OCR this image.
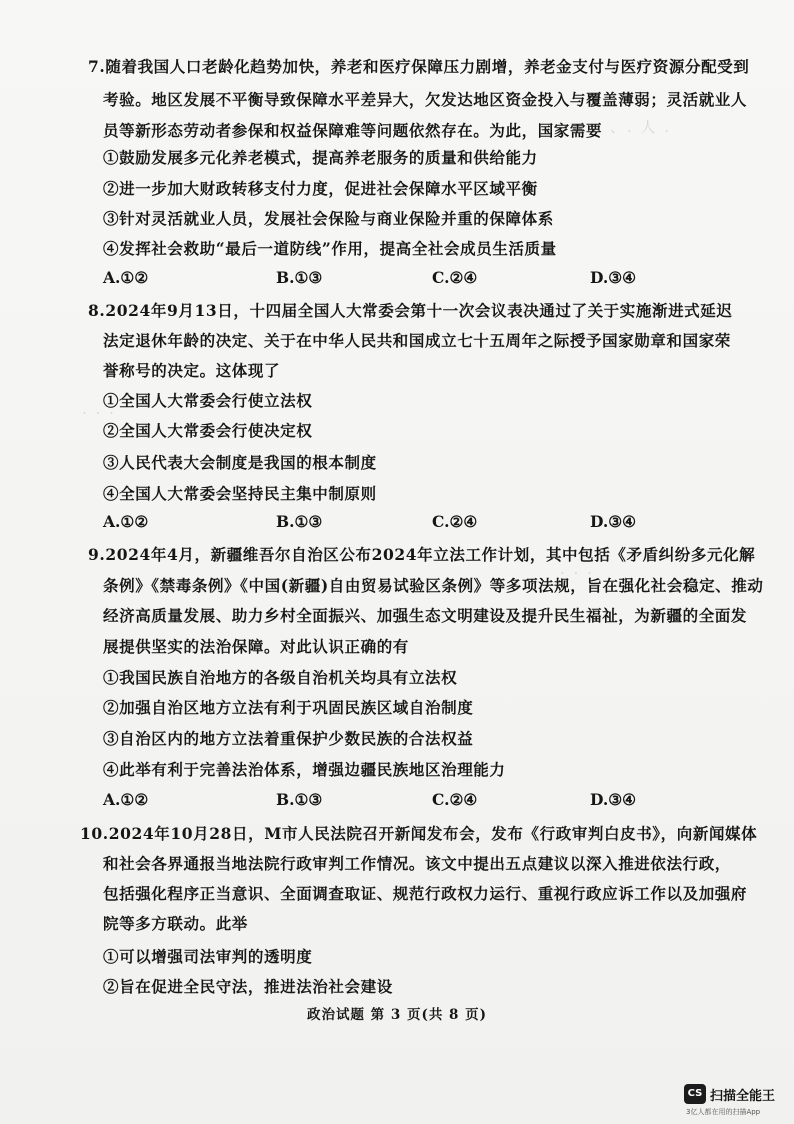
、. 人 .
. . .
. . .
7.随着我国人口老龄化趋势加快，养老和医疗保障压力剧增，养老金支付与医疗资源分配受到
考验。地区发展不平衡导致保障水平差异大，欠发达地区资金投入与覆盖薄弱；灵活就业人
员等新形态劳动者参保和权益保障难等问题依然存在。为此，国家需要
①鼓励发展多元化养老模式，提高养老服务的质量和供给能力
②进一步加大财政转移支付力度，促进社会保障水平区域平衡
③针对灵活就业人员，发展社会保险与商业保险并重的保障体系
④发挥社会救助“最后一道防线”作用，提高全社会成员生活质量
A.①②	B.①③	C.②④	D.③④
8.2024年9月13日，十四届全国人大常委会第十一次会议表决通过了关于实施渐进式延迟
法定退休年龄的决定、关于在中华人民共和国成立七十五周年之际授予国家勋章和国家荣
誉称号的决定。这体现了
①全国人大常委会行使立法权
②全国人大常委会行使决定权
③人民代表大会制度是我国的根本制度
④全国人大常委会坚持民主集中制原则
A.①②	B.①③	C.②④	D.③④
9.2024年4月，新疆维吾尔自治区公布2024年立法工作计划，其中包括《矛盾纠纷多元化解
条例》《禁毒条例》《中国(新疆)自由贸易试验区条例》等多项法规，旨在强化社会稳定、推动
经济高质量发展、助力乡村全面振兴、加强生态文明建设及提升民生福祉，为新疆的全面发
展提供坚实的法治保障。对此认识正确的有
①我国民族自治地方的各级自治机关均具有立法权
②加强自治区地方立法有利于巩固民族区域自治制度
③自治区内的地方立法着重保护少数民族的合法权益
④此举有利于完善法治体系，增强边疆民族地区治理能力
A.①②	B.①③	C.②④	D.③④
10.2024年10月28日，M市人民法院召开新闻发布会，发布《行政审判白皮书》，向新闻媒体
和社会各界通报当地法院行政审判工作情况。该文中提出五点建议以深入推进依法行政，
包括强化程序正当意识、全面调查取证、规范行政权力运行、重视行政应诉工作以及加强府
院等多方联动。此举
①可以增强司法审判的透明度
②旨在促进全民守法，推进法治社会建设
政治试题 第 3 页(共 8 页)
CS 扫描全能王
3亿人都在用的扫描App
